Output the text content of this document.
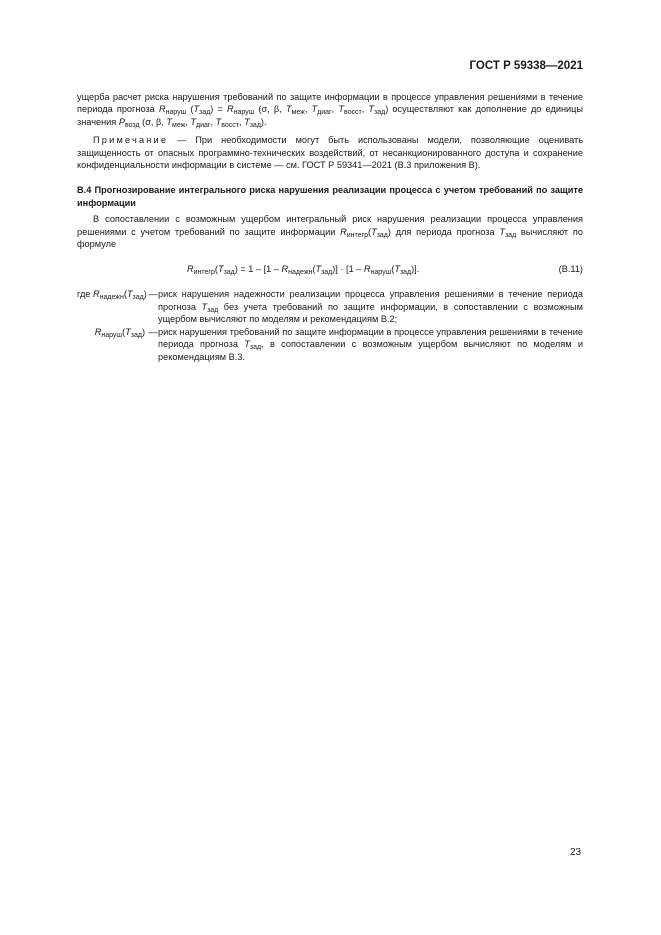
ГОСТ Р 59338—2021

ущерба расчет риска нарушения требований по защите информации в процессе управления решениями в течение периода прогноза $R_{наруш}$ $(T_{зад}) = R_{наруш}$ (σ, β, $T_{меж}$, $T_{диаг}$, $T_{восст}$, $T_{зад}$) осуществляют как дополнение до единицы значения $P_{возд}$ (σ, β, $T_{меж}$, $T_{диаг}$, $T_{восст}$, $T_{зад}$).

Примечание — При необходимости могут быть использованы модели, позволяющие оценивать защищенность от опасных программно-технических воздействий, от несанкционированного доступа и сохранение конфиденциальности информации в системе — см. ГОСТ Р 59341—2021 (В.3 приложения В).

В.4 Прогнозирование интегрального риска нарушения реализации процесса с учетом требований по защите информации

В сопоставлении с возможным ущербом интегральный риск нарушения реализации процесса управления решениями с учетом требований по защите информации $R_{интегр}(T_{зад})$ для периода прогноза $T_{зад}$ вычисляют по формуле

$R_{интегр}(T_{зад}) = 1 - [1 - R_{надежн}(T_{зад})] \cdot [1 - R_{наруш}(T_{зад})]$.	(В.11)
где $R_{надежн}(T_{зад})$ — риск нарушения надежности реализации процесса управления решениями в течение периода прогноза $T_{зад}$ без учета требований по защите информации, в сопоставлении с возможным ущербом вычисляют по моделям и рекомендациям В.2;
$R_{наруш}(T_{зад})$ — риск нарушения требований по защите информации в процессе управления решениями в течение периода прогноза $T_{зад}$, в сопоставлении с возможным ущербом вычисляют по моделям и рекомендациям В.3.
23
